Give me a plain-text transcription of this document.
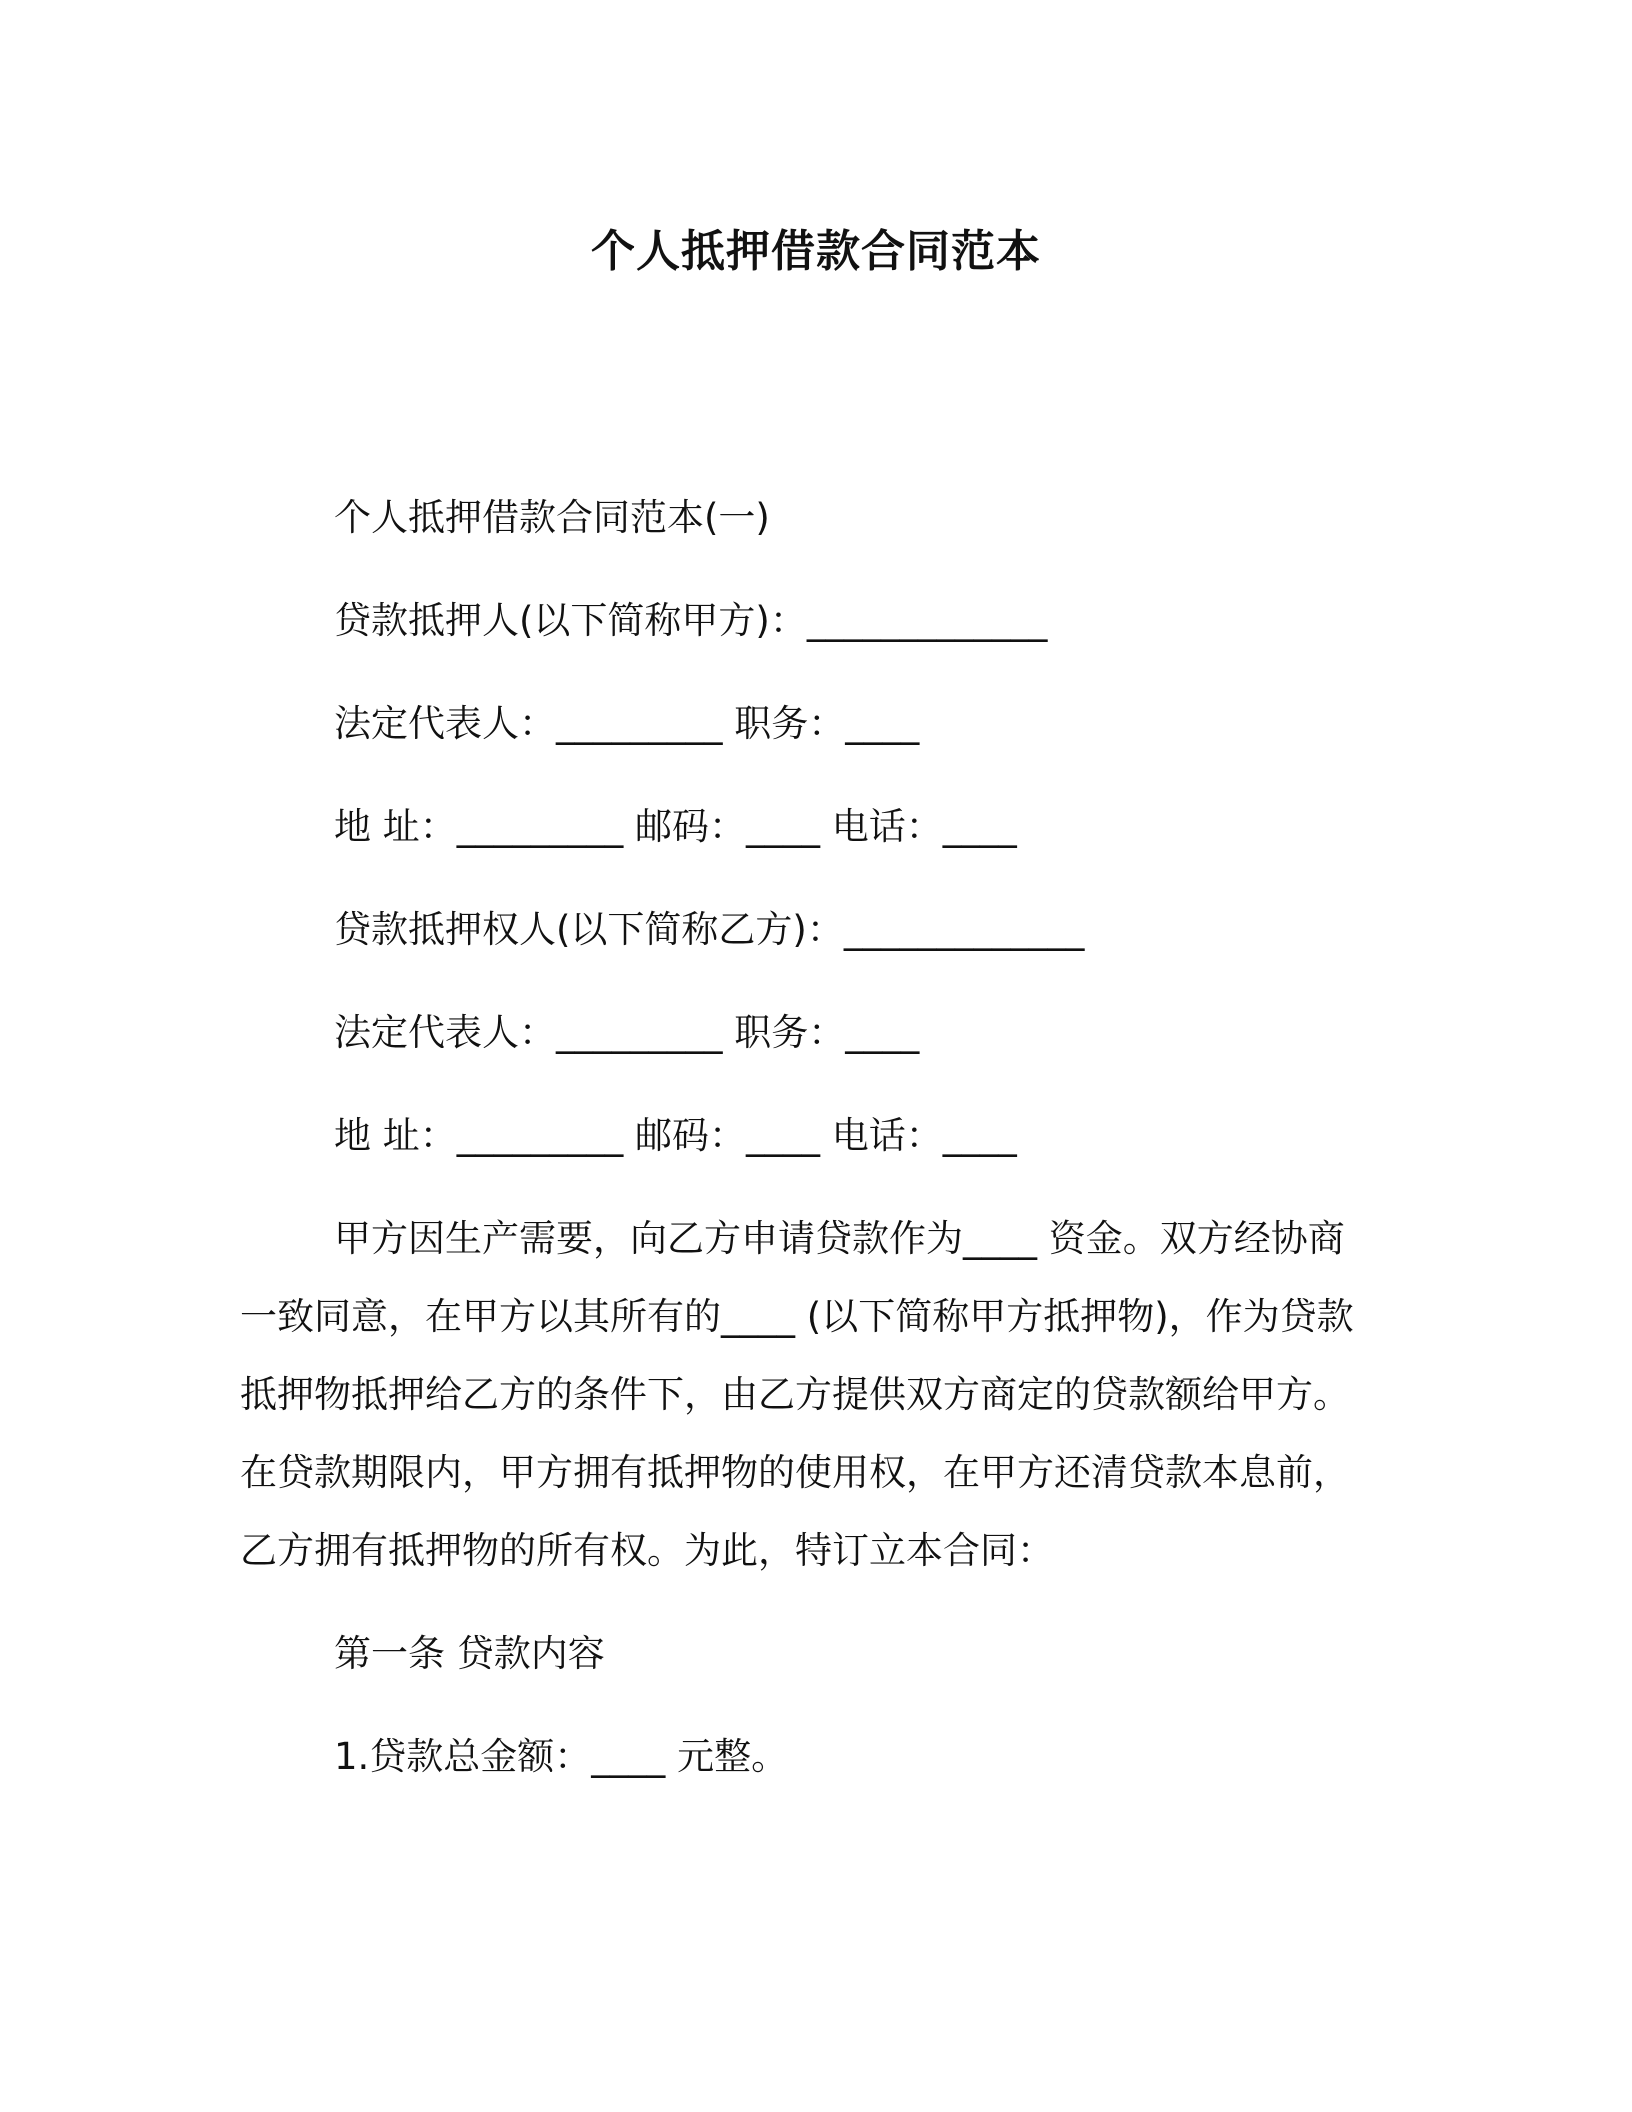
个人抵押借款合同范本
个人抵押借款合同范本(一)
贷款抵押人(以下简称甲方)：_____________
法定代表人：_________ 职务：____
地 址：_________ 邮码：____ 电话：____
贷款抵押权人(以下简称乙方)：_____________
法定代表人：_________ 职务：____
地 址：_________ 邮码：____ 电话：____
甲方因生产需要，向乙方申请贷款作为____ 资金。双方经协商
一致同意，在甲方以其所有的____ (以下简称甲方抵押物)，作为贷款
抵押物抵押给乙方的条件下，由乙方提供双方商定的贷款额给甲方。
在贷款期限内，甲方拥有抵押物的使用权，在甲方还清贷款本息前，
乙方拥有抵押物的所有权。为此，特订立本合同：
第一条 贷款内容
1.贷款总金额：____ 元整。
